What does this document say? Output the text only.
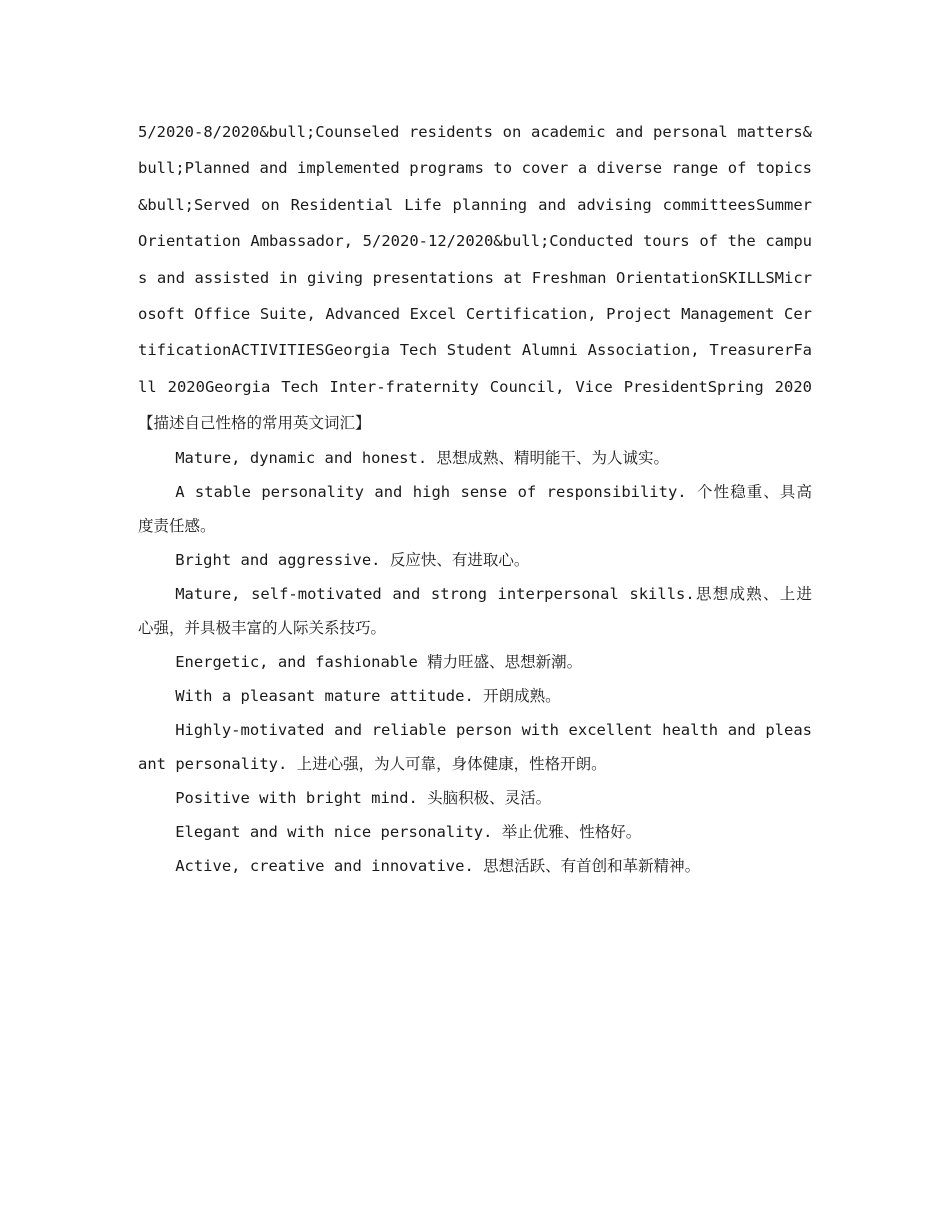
5/2020-8/2020&bull;Counseled residents on academic and personal matters&bull;Planned and implemented programs to cover a diverse range of topics&bull;Served on Residential Life planning and advising committeesSummer Orientation Ambassador, 5/2020-12/2020&bull;Conducted tours of the campus and assisted in giving presentations at Freshman OrientationSKILLSMicrosoft Office Suite, Advanced Excel Certification, Project Management CertificationACTIVITIESGeorgia Tech Student Alumni Association, TreasurerFall 2020Georgia Tech Inter-fraternity Council, Vice PresidentSpring 2020 【描述自己性格的常用英文词汇】

Mature, dynamic and honest. 思想成熟、精明能干、为人诚实。

A stable personality and high sense of responsibility. 个性稳重、具高度责任感。

Bright and aggressive. 反应快、有进取心。

Mature, self-motivated and strong interpersonal skills.思想成熟、上进心强，并具极丰富的人际关系技巧。

Energetic, and fashionable 精力旺盛、思想新潮。

With a pleasant mature attitude. 开朗成熟。

Highly-motivated and reliable person with excellent health and pleasant personality. 上进心强，为人可靠，身体健康，性格开朗。

Positive with bright mind. 头脑积极、灵活。

Elegant and with nice personality. 举止优雅、性格好。

Active, creative and innovative. 思想活跃、有首创和革新精神。
